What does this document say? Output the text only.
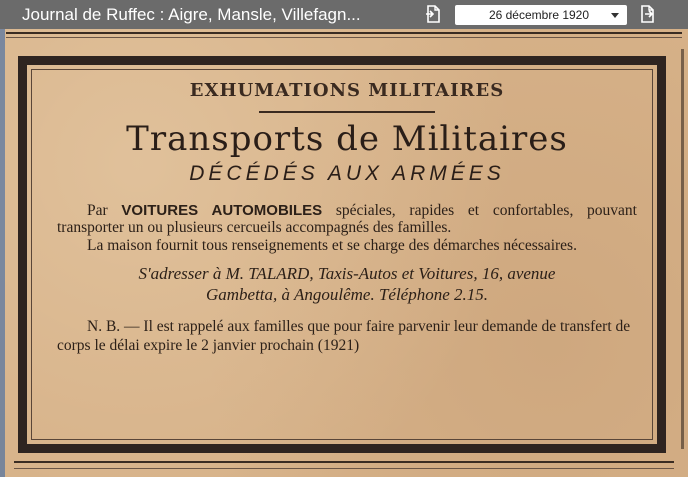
Journal de Ruffec : Aigre, Mansle, Villefagn...	26 décembre 1920
EXHUMATIONS MILITAIRES
Transports de Militaires
DÉCÉDÉS AUX ARMÉES

Par VOITURES AUTOMOBILES spéciales, rapides et confortables, pouvant transporter un ou plusieurs cercueils accompagnés des familles.

La maison fournit tous renseignements et se charge des démarches nécessaires.

S'adresser à M. TALARD, Taxis-Autos et Voitures, 16, avenue
Gambetta, à Angoulême. Téléphone 2.15.

N. B. — Il est rappelé aux familles que pour faire parvenir leur demande de transfert de corps le délai expire le 2 janvier prochain (1921)
